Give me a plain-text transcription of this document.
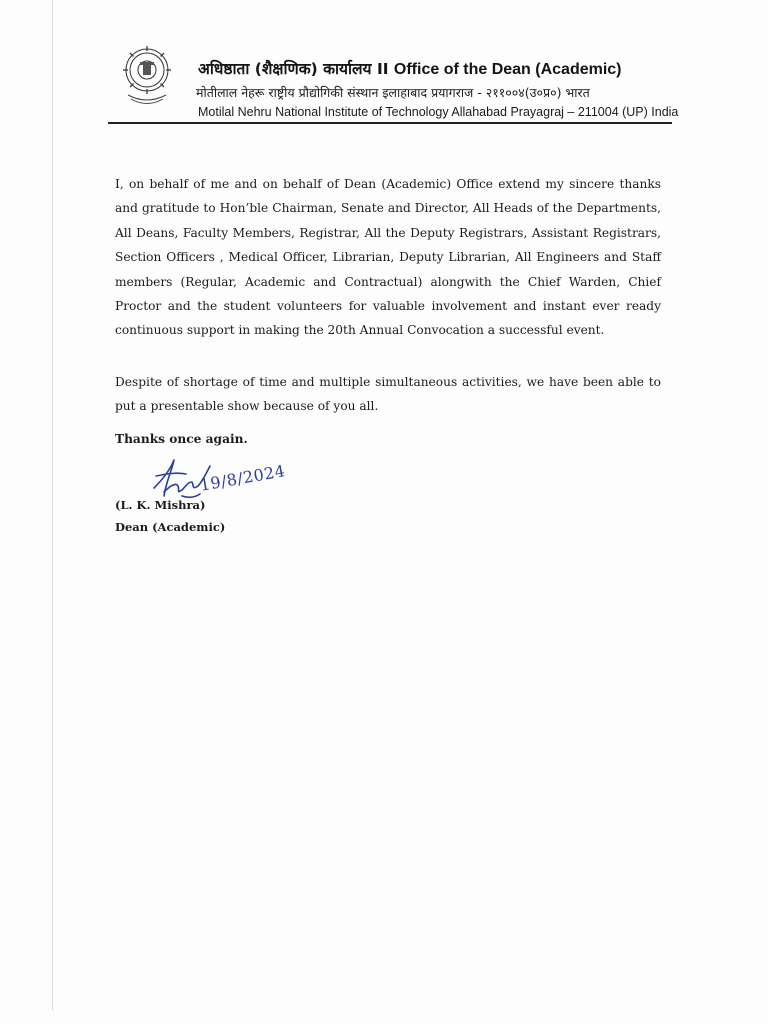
अधिष्ठाता (शैक्षणिक) कार्यालय II Office of the Dean (Academic)
मोतीलाल नेहरू राष्ट्रीय प्रौद्योगिकी संस्थान इलाहाबाद प्रयागराज - २११००४(उ०प्र०) भारत
Motilal Nehru National Institute of Technology Allahabad Prayagraj – 211004 (UP) India

I, on behalf of me and on behalf of Dean (Academic) Office extend my sincere thanks and gratitude to Hon’ble Chairman, Senate and Director, All Heads of the Departments, All Deans, Faculty Members, Registrar, All the Deputy Registrars, Assistant Registrars, Section Officers , Medical Officer, Librarian, Deputy Librarian, All Engineers and Staff members (Regular, Academic and Contractual) alongwith the Chief Warden, Chief Proctor and the student volunteers for valuable involvement and instant ever ready continuous support in making the 20th Annual Convocation a successful event.

Despite of shortage of time and multiple simultaneous activities, we have been able to put a presentable show because of you all.

Thanks once again.
19/8/2024
(L. K. Mishra)
Dean (Academic)
